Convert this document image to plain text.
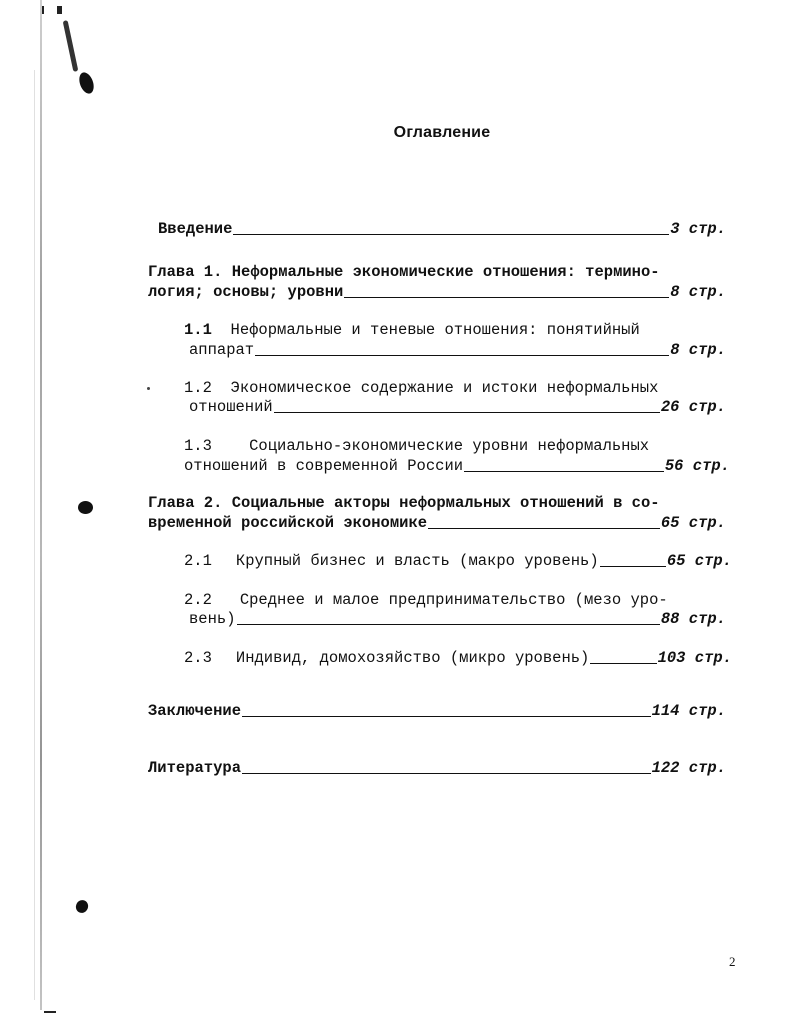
Оглавление
Введение	3 стр.
Глава 1. Неформальные экономические отношения: термино-
логия; основы; уровни	8 стр.
1.1 Неформальные и теневые отношения: понятийный
аппарат	8 стр.
1.2 Экономическое содержание и истоки неформальных
отношений	26 стр.
1.3 Социально-экономические уровни неформальных
отношений в современной России	56 стр.
Глава 2. Социальные акторы неформальных отношений в со-
временной российской экономике	65 стр.
2.1 Крупный бизнес и власть (макро уровень)	65 стр.
2.2 Среднее и малое предпринимательство (мезо уро-
вень)	88 стр.
2.3 Индивид, домохозяйство (микро уровень)	103 стр.
Заключение	114 стр.
Литература	122 стр.
2
